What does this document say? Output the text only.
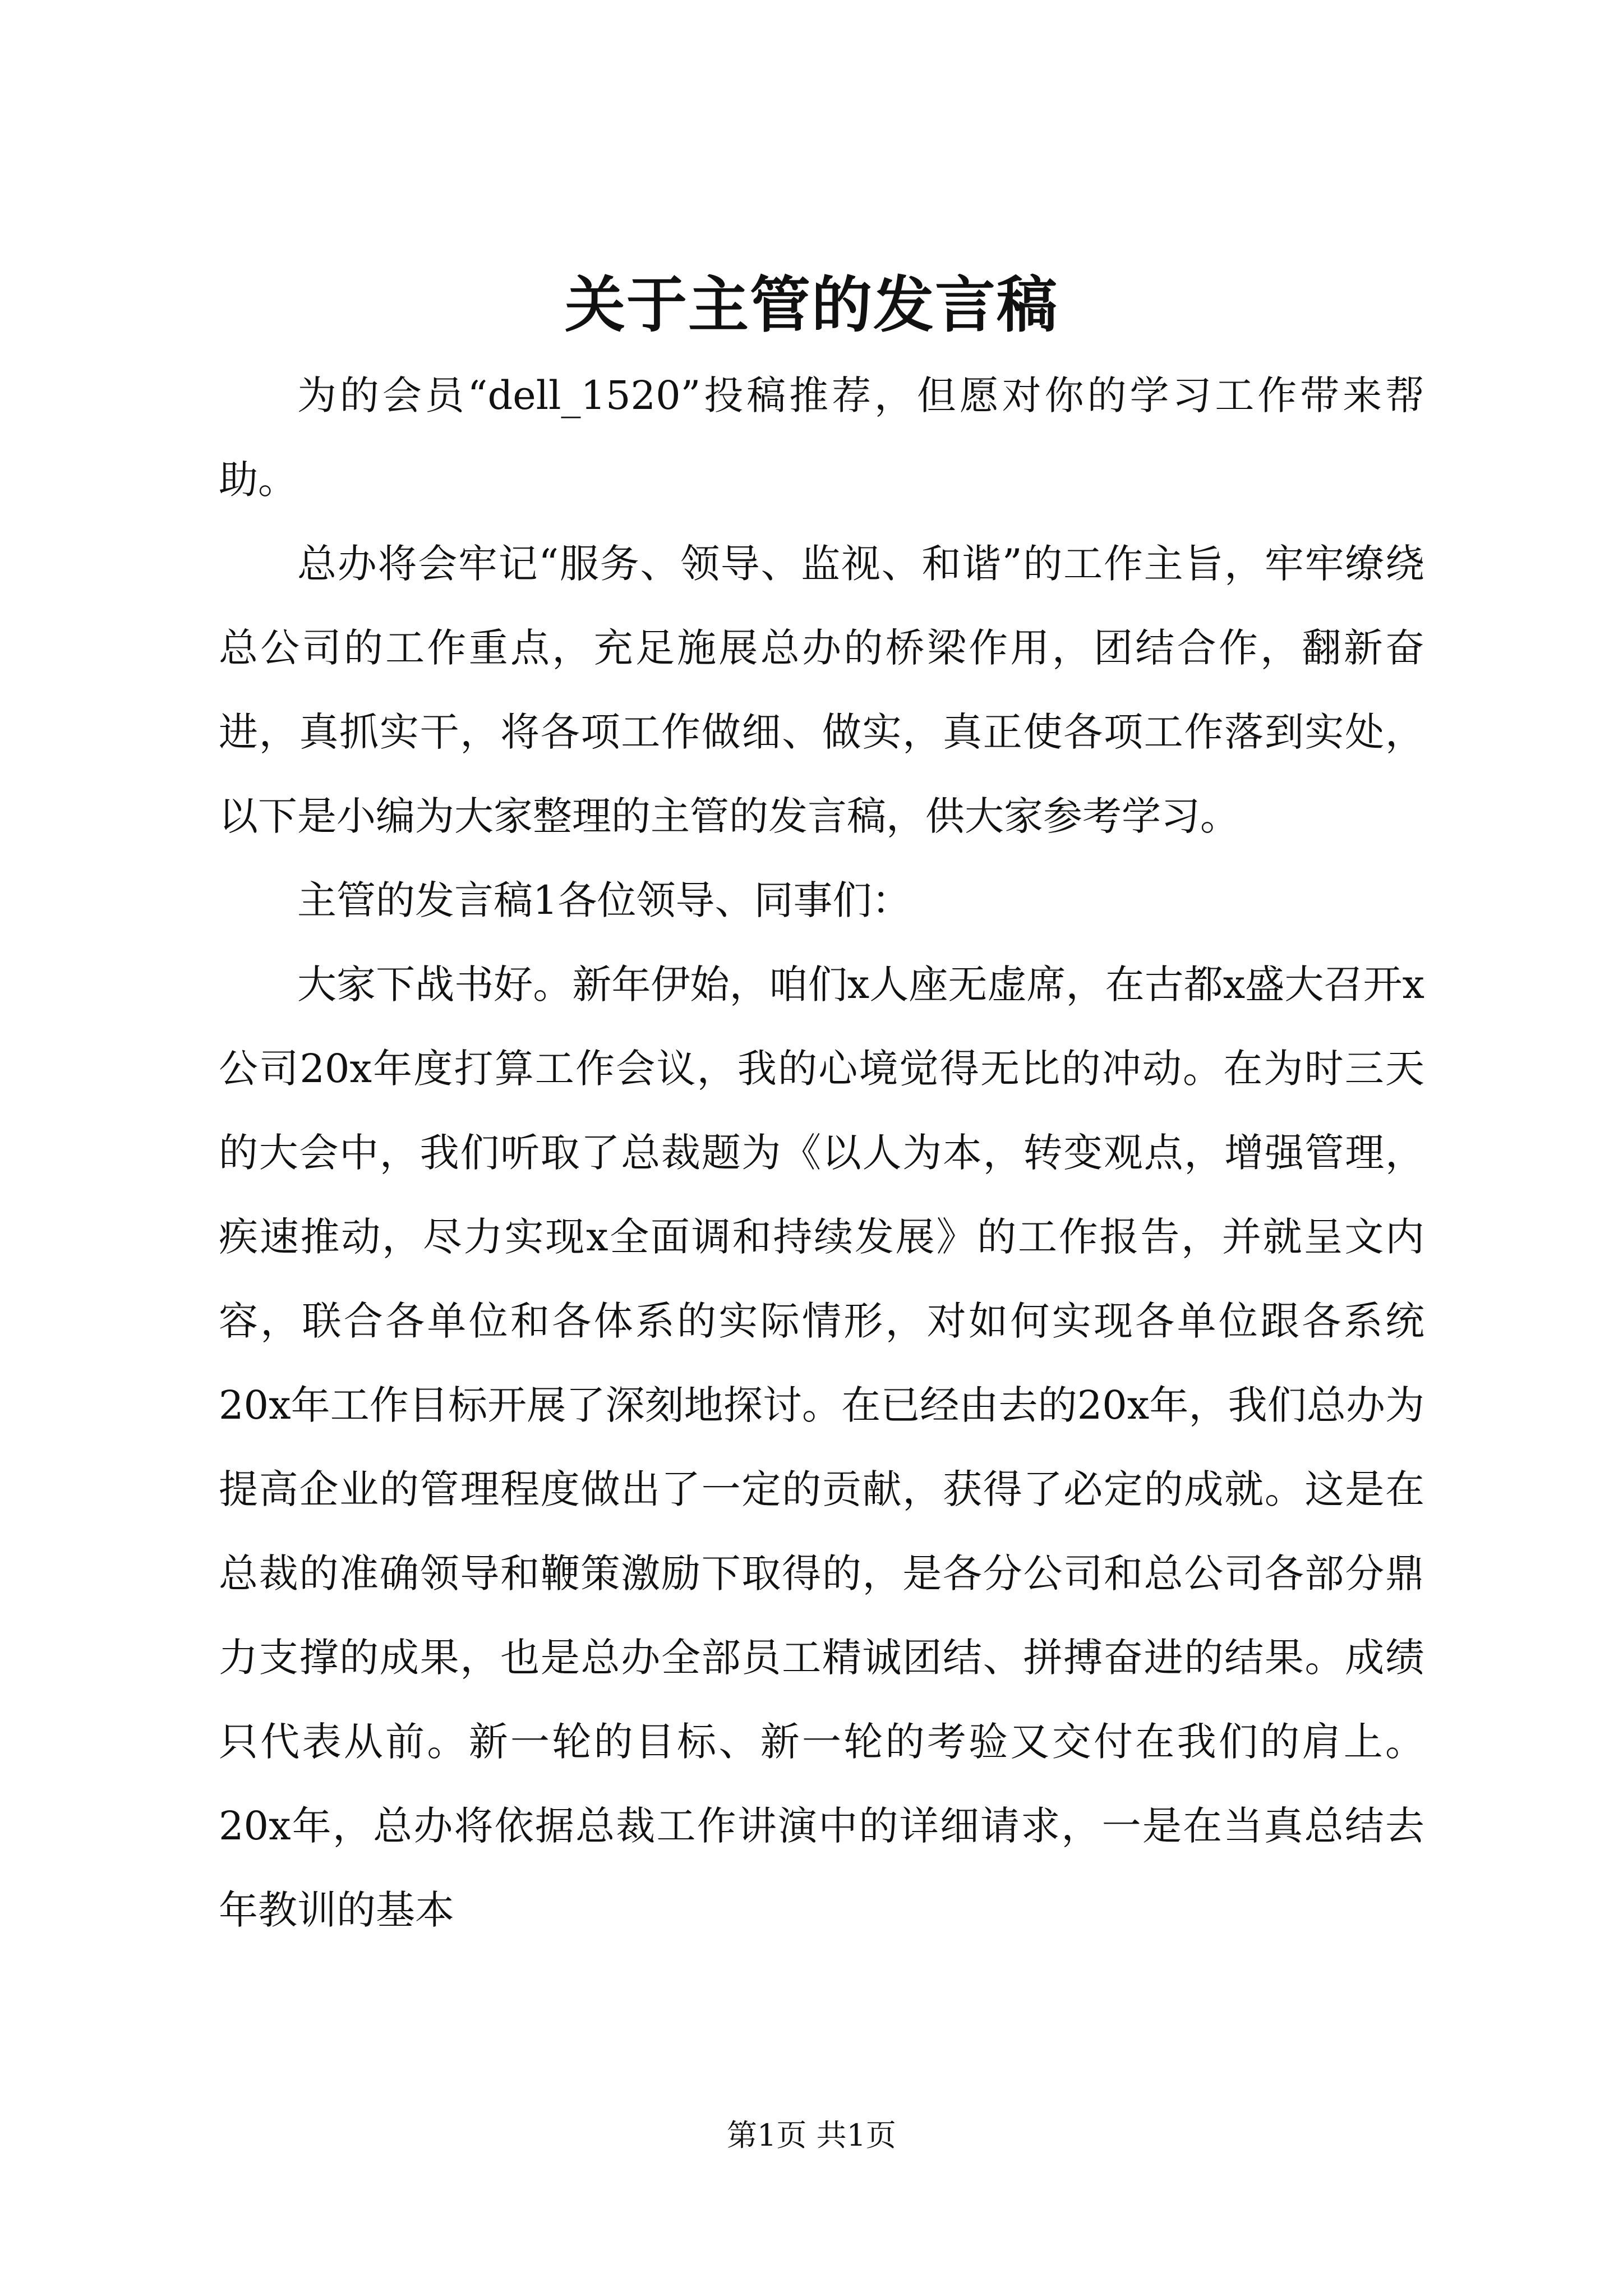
关于主管的发言稿

为的会员“dell_1520”投稿推荐，但愿对你的学习工作带来帮助。

总办将会牢记“服务、领导、监视、和谐”的工作主旨，牢牢缭绕总公司的工作重点，充足施展总办的桥梁作用，团结合作，翻新奋进，真抓实干，将各项工作做细、做实，真正使各项工作落到实处，以下是小编为大家整理的主管的发言稿，供大家参考学习。

主管的发言稿1各位领导、同事们：

大家下战书好。新年伊始，咱们x人座无虚席，在古都x盛大召开x公司20x年度打算工作会议，我的心境觉得无比的冲动。在为时三天的大会中，我们听取了总裁题为《以人为本，转变观点，增强管理，疾速推动，尽力实现x全面调和持续发展》的工作报告，并就呈文内容，联合各单位和各体系的实际情形，对如何实现各单位跟各系统20x年工作目标开展了深刻地探讨。在已经由去的20x年，我们总办为提高企业的管理程度做出了一定的贡献，获得了必定的成就。这是在总裁的准确领导和鞭策激励下取得的，是各分公司和总公司各部分鼎力支撑的成果，也是总办全部员工精诚团结、拼搏奋进的结果。成绩只代表从前。新一轮的目标、新一轮的考验又交付在我们的肩上。20x年，总办将依据总裁工作讲演中的详细请求，一是在当真总结去年教训的基本

第1页 共1页
